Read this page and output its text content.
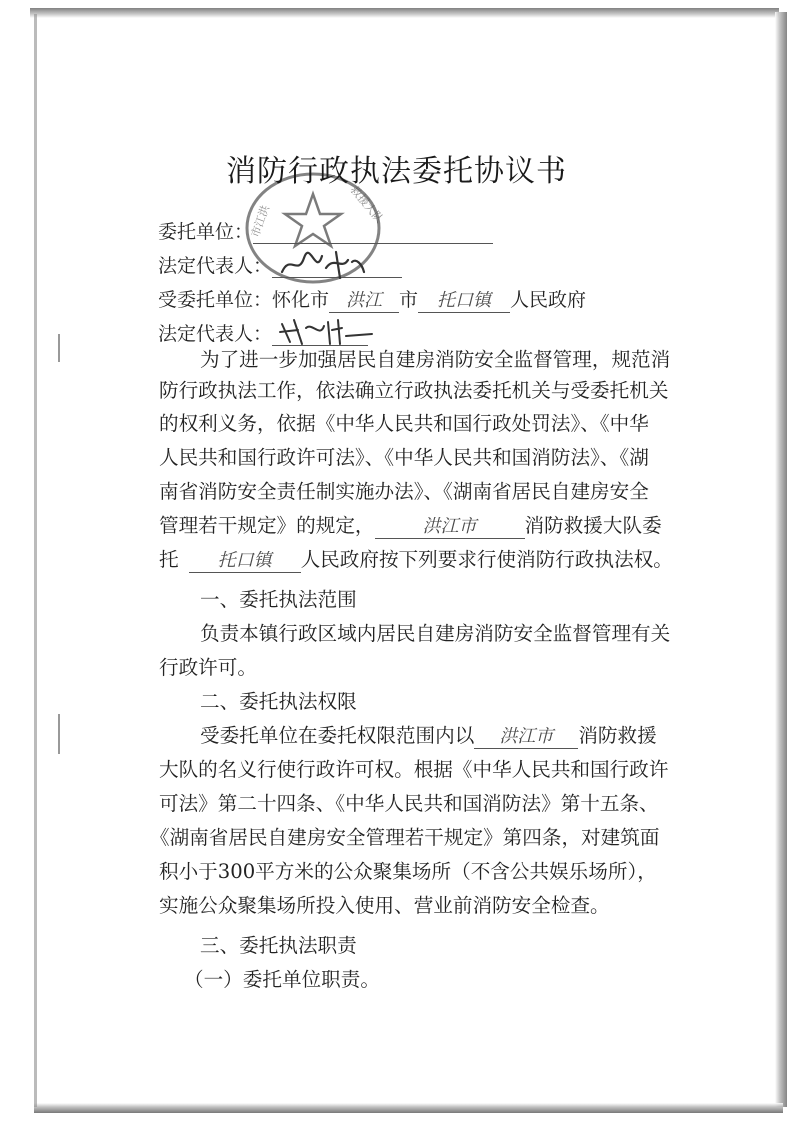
市江洪	救援大队
消防行政执法委托协议书
委托单位：
法定代表人：
受委托单位：怀化市 洪江 市 托口镇 人民政府
法定代表人：
为了进一步加强居民自建房消防安全监督管理，规范消
防行政执法工作，依法确立行政执法委托机关与受委托机关
的权利义务，依据《中华人民共和国行政处罚法》、《中华
人民共和国行政许可法》、《中华人民共和国消防法》、《湖
南省消防安全责任制实施办法》、《湖南省居民自建房安全
管理若干规定》的规定，	洪江市 消防救援大队委
托 托口镇 人民政府按下列要求行使消防行政执法权。
一、委托执法范围
负责本镇行政区域内居民自建房消防安全监督管理有关
行政许可。
二、委托执法权限
受委托单位在委托权限范围内以 洪江市 消防救援
大队的名义行使行政许可权。根据《中华人民共和国行政许
可法》第二十四条、《中华人民共和国消防法》第十五条、
《湖南省居民自建房安全管理若干规定》第四条，对建筑面
积小于300平方米的公众聚集场所（不含公共娱乐场所），
实施公众聚集场所投入使用、营业前消防安全检查。
三、委托执法职责
（一）委托单位职责。
